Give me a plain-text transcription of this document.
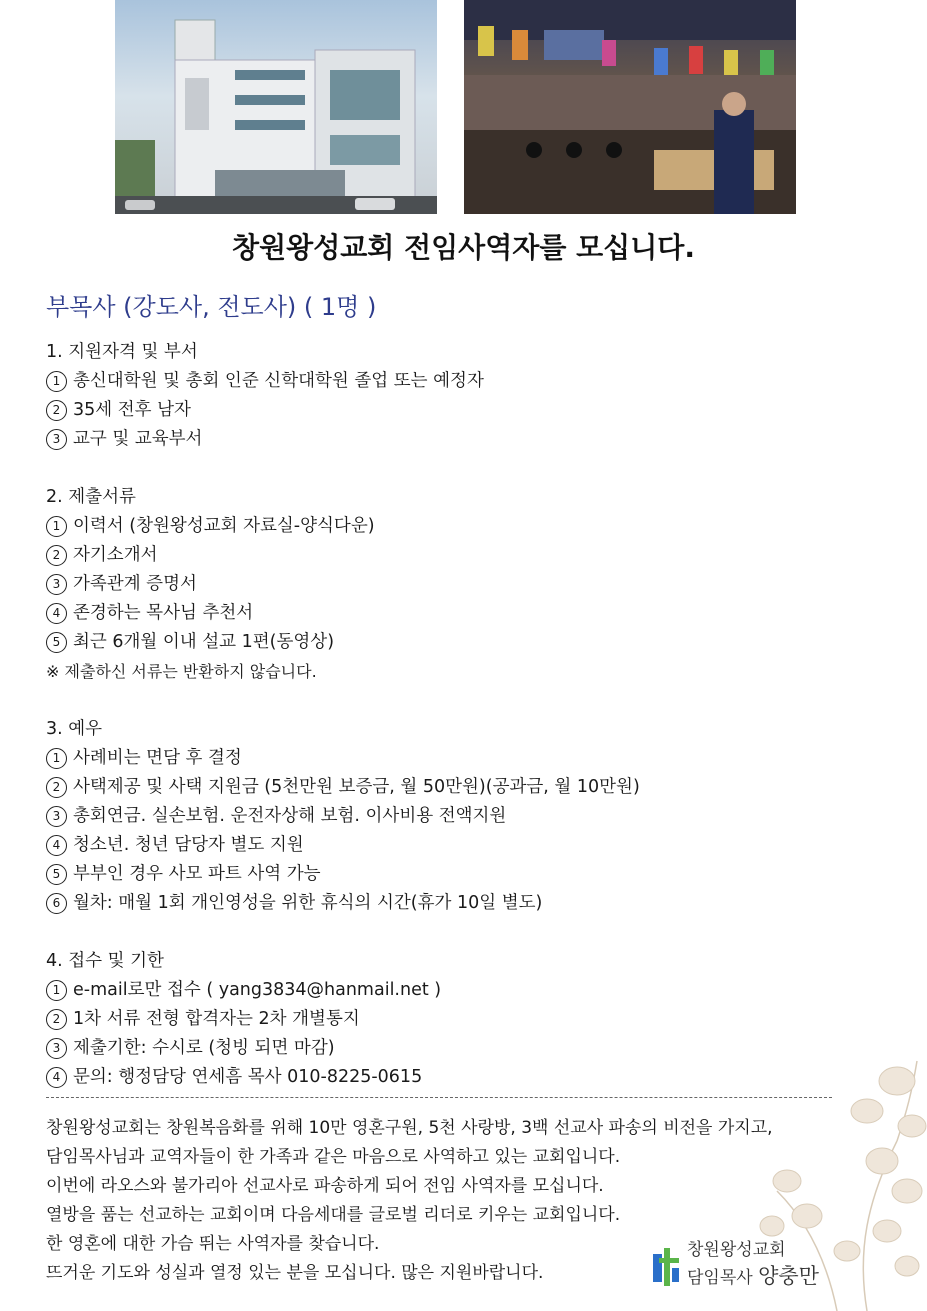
창원왕성교회 전임사역자를 모십니다.
부목사 (강도사, 전도사) ( 1명 )
1. 지원자격 및 부서
1 총신대학원 및 총회 인준 신학대학원 졸업 또는 예정자
2 35세 전후 남자
3 교구 및 교육부서
2. 제출서류
1 이력서 (창원왕성교회 자료실-양식다운)
2 자기소개서
3 가족관계 증명서
4 존경하는 목사님 추천서
5 최근 6개월 이내 설교 1편(동영상)
※ 제출하신 서류는 반환하지 않습니다.
3. 예우
1 사례비는 면담 후 결정
2 사택제공 및 사택 지원금 (5천만원 보증금, 월 50만원)(공과금, 월 10만원)
3 총회연금. 실손보험. 운전자상해 보험. 이사비용 전액지원
4 청소년. 청년 담당자 별도 지원
5 부부인 경우 사모 파트 사역 가능
6 월차: 매월 1회 개인영성을 위한 휴식의 시간(휴가 10일 별도)
4. 접수 및 기한
1 e-mail로만 접수 ( yang3834@hanmail.net )
2 1차 서류 전형 합격자는 2차 개별통지
3 제출기한: 수시로 (청빙 되면 마감)
4 문의: 행정담당 연세흠 목사 010-8225-0615
창원왕성교회는 창원복음화를 위해 10만 영혼구원, 5천 사랑방, 3백 선교사 파송의 비전을 가지고,
담임목사님과 교역자들이 한 가족과 같은 마음으로 사역하고 있는 교회입니다.
이번에 라오스와 불가리아 선교사로 파송하게 되어 전임 사역자를 모십니다.
열방을 품는 선교하는 교회이며 다음세대를 글로벌 리더로 키우는 교회입니다.
한 영혼에 대한 가슴 뛰는 사역자를 찾습니다.
뜨거운 기도와 성실과 열정 있는 분을 모십니다. 많은 지원바랍니다.
창원왕성교회
담임목사 양충만
